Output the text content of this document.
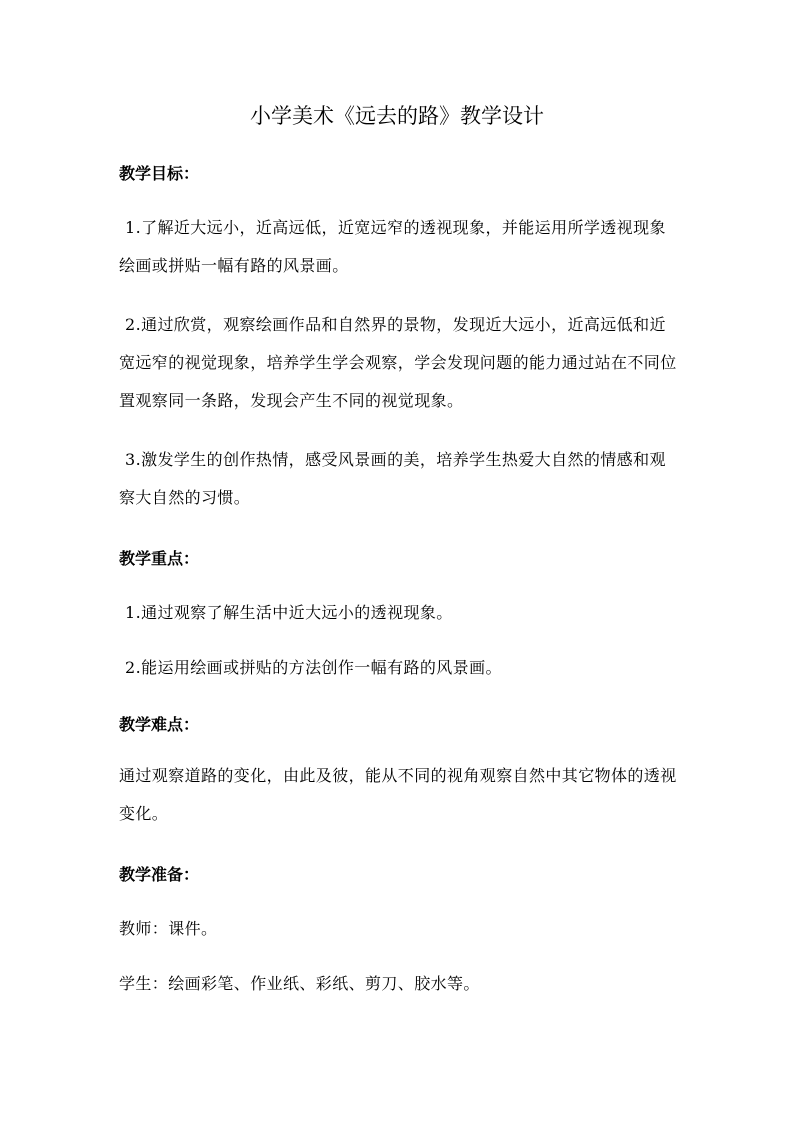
小学美术《远去的路》教学设计

教学目标：

1.了解近大远小，近高远低，近宽远窄的透视现象，并能运用所学透视现象绘画或拼贴一幅有路的风景画。

2.通过欣赏，观察绘画作品和自然界的景物，发现近大远小，近高远低和近宽远窄的视觉现象，培养学生学会观察，学会发现问题的能力通过站在不同位置观察同一条路，发现会产生不同的视觉现象。

3.激发学生的创作热情，感受风景画的美，培养学生热爱大自然的情感和观察大自然的习惯。

教学重点：

1.通过观察了解生活中近大远小的透视现象。

2.能运用绘画或拼贴的方法创作一幅有路的风景画。

教学难点：

通过观察道路的变化，由此及彼，能从不同的视角观察自然中其它物体的透视变化。

教学准备：

教师：课件。

学生：绘画彩笔、作业纸、彩纸、剪刀、胶水等。
